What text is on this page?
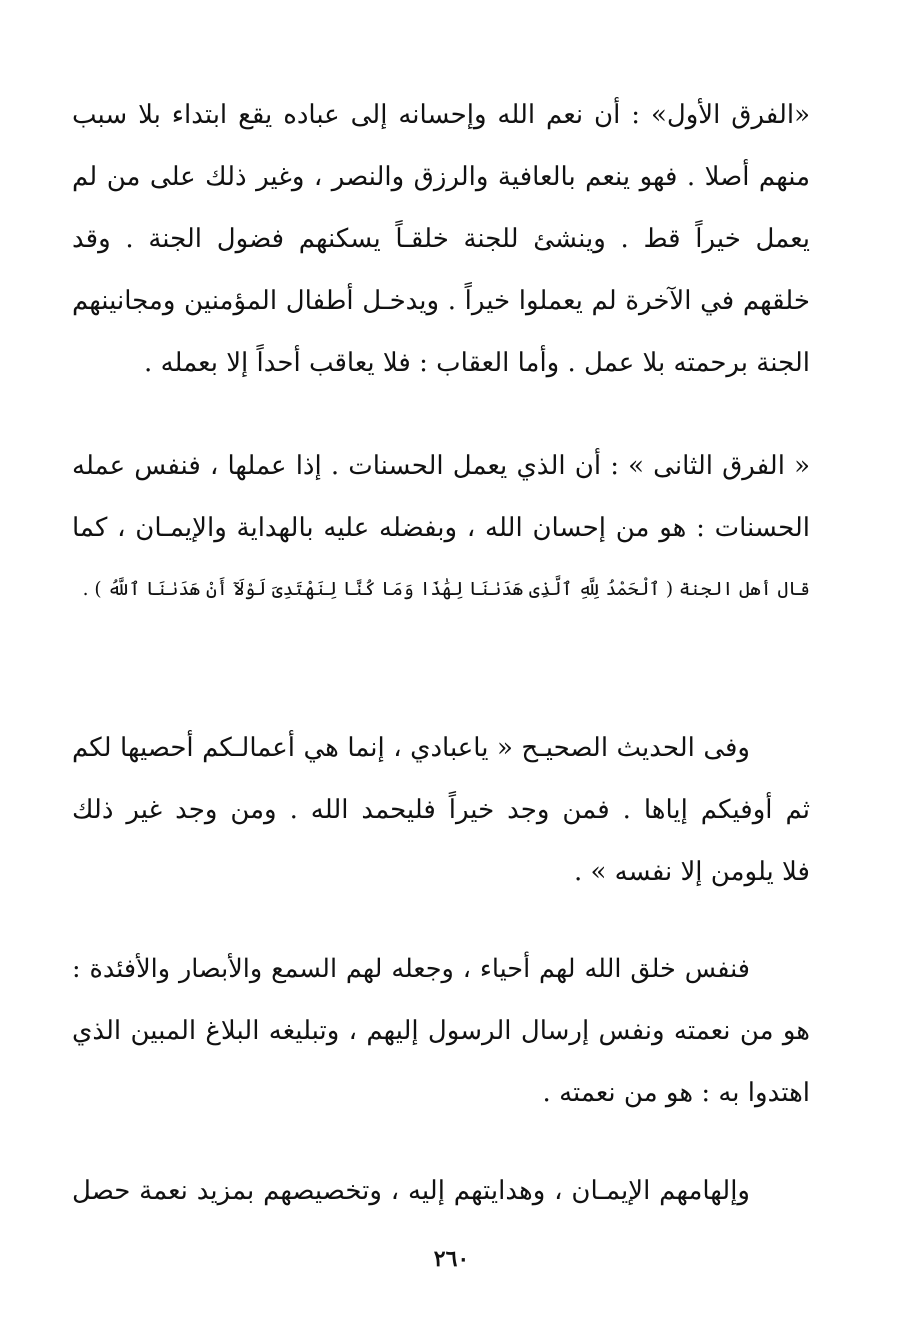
«الفرق الأول» : أن نعم الله وإحسانه إلى عباده يقع ابتداء بلا سبب
منهم أصلا . فهو ينعم بالعافية والرزق والنصر ، وغير ذلك على من لم
يعمل خيراً قط . وينشئ للجنة خلقـاً يسكنهم فضول الجنة . وقد
خلقهم في الآخرة لم يعملوا خيراً . ويدخـل أطفال المؤمنين ومجانينهم
الجنة برحمته بلا عمل . وأما العقاب : فلا يعاقب أحداً إلا بعمله .
« الفرق الثانى » : أن الذي يعمل الحسنات . إذا عملها ، فنفس عمله
الحسنات : هو من إحسان الله ، وبفضله عليه بالهداية والإيمـان ، كما
قال أهل الجنة ( ٱلْحَمْدُ لِلَّهِ ٱلَّذِى هَدَىٰنَا لِهَٰذَا وَمَا كُنَّا لِنَهْتَدِىَ لَوْلَآ أَنْ هَدَىٰنَا ٱللَّهُ ) .
وفى الحديث الصحيـح « ياعبادي ، إنما هي أعمالـكم أحصيها لكم
ثم أوفيكم إياها . فمن وجد خيراً فليحمد الله . ومن وجد غير ذلك
فلا يلومن إلا نفسه » .
فنفس خلق الله لهم أحياء ، وجعله لهم السمع والأبصار والأفئدة :
هو من نعمته ونفس إرسال الرسول إليهم ، وتبليغه البلاغ المبين الذي
اهتدوا به : هو من نعمته .
وإلهامهم الإيمـان ، وهدايتهم إليه ، وتخصيصهم بمزيد نعمة حصل
٢٦٠
